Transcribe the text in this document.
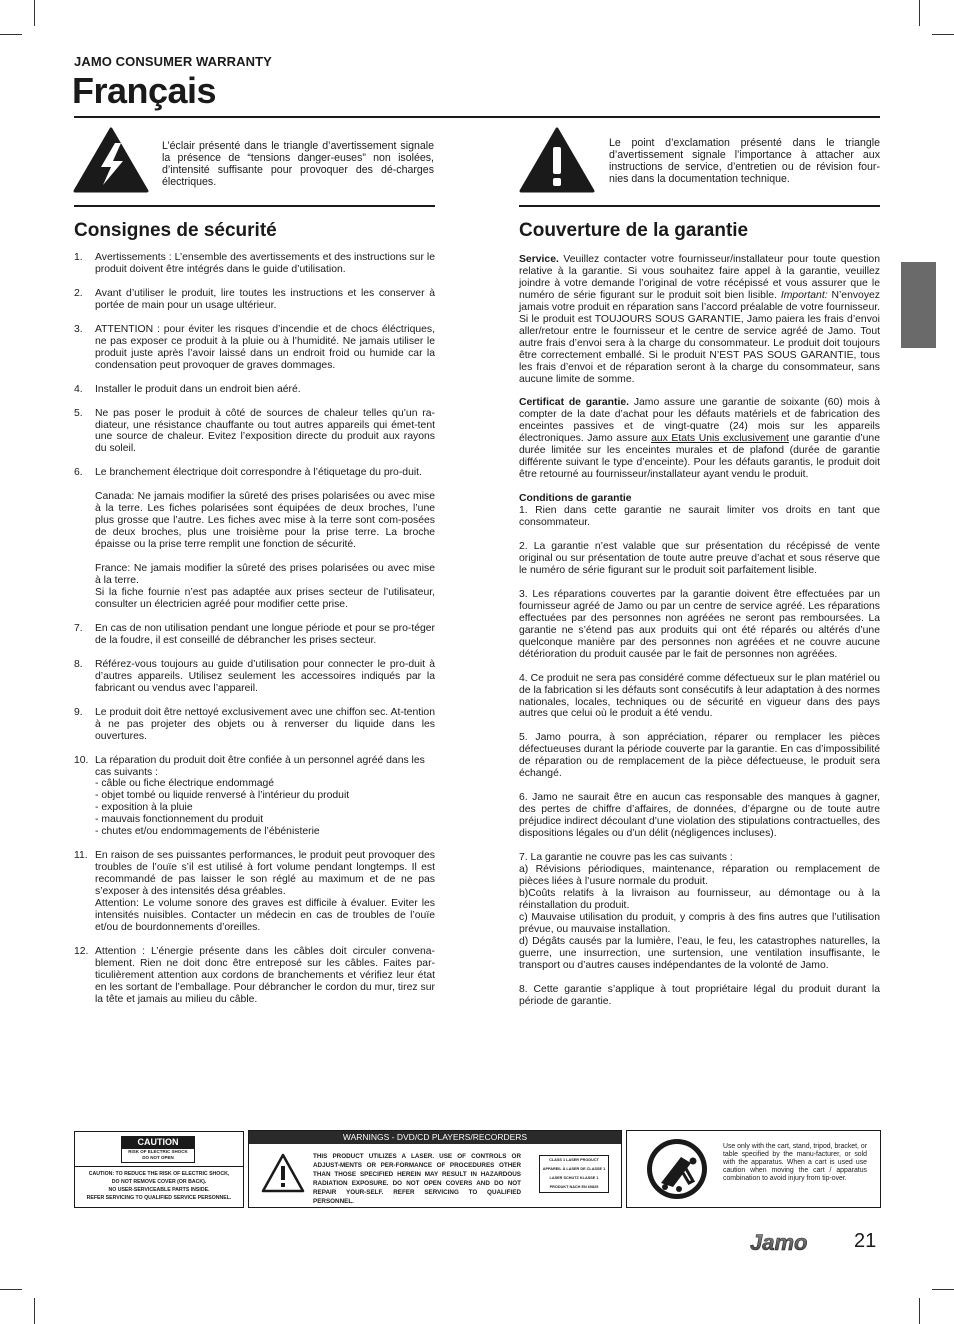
JAMO CONSUMER WARRANTY
Français
L’éclair présenté dans le triangle d’avertissement signale la présence de “tensions danger-euses” non isolées, d’intensité suffisante pour provoquer des dé-charges électriques.
Le point d’exclamation présenté dans le triangle d’avertissement signale l’importance à attacher aux instructions de service, d’entretien ou de révision four-nies dans la documentation technique.
Consignes de sécurité	Couverture de la garantie
1.	Avertissements : L’ensemble des avertissements et des instructions sur le produit doivent être intégrés dans le guide d’utilisation.

2.	Avant d’utiliser le produit, lire toutes les instructions et les conserver à portée de main pour un usage ultérieur.

3.	ATTENTION : pour éviter les risques d’incendie et de chocs éléctriques, ne pas exposer ce produit à la pluie ou à l’humidité. Ne jamais utiliser le produit juste après l’avoir laissé dans un endroit froid ou humide car la condensation peut provoquer de graves dommages.

4.	Installer le produit dans un endroit bien aéré.

5.	Ne pas poser le produit à côté de sources de chaleur telles qu’un ra-diateur, une résistance chauffante ou tout autres appareils qui émet-tent une source de chaleur. Evitez l’exposition directe du produit aux rayons du soleil.

6.	Le branchement électrique doit correspondre à l’étiquetage du pro-duit.

Canada: Ne jamais modifier la sûreté des prises polarisées ou avec mise à la terre. Les fiches polarisées sont équipées de deux broches, l’une plus grosse que l’autre. Les fiches avec mise à la terre sont com-posées de deux broches, plus une troisième pour la prise terre. La broche épaisse ou la prise terre remplit une fonction de sécurité.

France: Ne jamais modifier la sûreté des prises polarisées ou avec mise à la terre.
Si la fiche fournie n’est pas adaptée aux prises secteur de l’utilisateur, consulter un électricien agréé pour modifier cette prise.

7.	En cas de non utilisation pendant une longue période et pour se pro-téger de la foudre, il est conseillé de débrancher les prises secteur.

8.	Référez-vous toujours au guide d’utilisation pour connecter le pro-duit à d’autres appareils. Utilisez seulement les accessoires indiqués par la fabricant ou vendus avec l’appareil.

9.	Le produit doit être nettoyé exclusivement avec une chiffon sec. At-tention à ne pas projeter des objets ou à renverser du liquide dans les ouvertures.

10. La réparation du produit doit être confiée à un personnel agréé dans les cas suivants :
- câble ou fiche électrique endommagé
- objet tombé ou liquide renversé à l’intérieur du produit
- exposition à la pluie
- mauvais fonctionnement du produit
- chutes et/ou endommagements de l’ébénisterie

11. En raison de ses puissantes performances, le produit peut provoquer des troubles de l’ouïe s’il est utilisé à fort volume pendant longtemps. Il est recommandé de pas laisser le son réglé au maximum et de ne pas s’exposer à des intensités désa gréables.
Attention: Le volume sonore des graves est difficile à évaluer. Eviter les intensités nuisibles. Contacter un médecin en cas de troubles de l’ouïe et/ou de bourdonnements d’oreilles.

12. Attention : L’énergie présente dans les câbles doit circuler convena-blement. Rien ne doit donc être entreposé sur les câbles. Faites par-ticulièrement attention aux cordons de branchements et vérifiez leur état en les sortant de l’emballage. Pour débrancher le cordon du mur, tirez sur la tête et jamais au milieu du câble.

Service. Veuillez contacter votre fournisseur/installateur pour toute question relative à la garantie. Si vous souhaitez faire appel à la garantie, veuillez joindre à votre demande l’original de votre récépissé et vous assurer que le numéro de série figurant sur le produit soit bien lisible. Important: N’envoyez jamais votre produit en réparation sans l’accord préalable de votre fournisseur. Si le produit est TOUJOURS SOUS GARANTIE, Jamo paiera les frais d’envoi aller/retour entre le fournisseur et le centre de service agréé de Jamo. Tout autre frais d’envoi sera à la charge du consommateur. Le produit doit toujours être correctement emballé. Si le produit N’EST PAS SOUS GARANTIE, tous les frais d’envoi et de réparation seront à la charge du consommateur, sans aucune limite de somme.

Certificat de garantie. Jamo assure une garantie de soixante (60) mois à compter de la date d’achat pour les défauts matériels et de fabrication des enceintes passives et de vingt-quatre (24) mois sur les appareils électroniques. Jamo assure aux Etats Unis exclusivement une garantie d’une durée limitée sur les enceintes murales et de plafond (durée de garantie différente suivant le type d’enceinte). Pour les défauts garantis, le produit doit être retourné au fournisseur/installateur ayant vendu le produit.

Conditions de garantie

1. Rien dans cette garantie ne saurait limiter vos droits en tant que consommateur.

2. La garantie n’est valable que sur présentation du récépissé de vente original ou sur présentation de toute autre preuve d’achat et sous réserve que le numéro de série figurant sur le produit soit parfaitement lisible.

3. Les réparations couvertes par la garantie doivent être effectuées par un fournisseur agréé de Jamo ou par un centre de service agréé. Les réparations effectuées par des personnes non agréées ne seront pas remboursées. La garantie ne s’étend pas aux produits qui ont été réparés ou altérés d’une quelconque manière par des personnes non agréées et ne couvre aucune détérioration du produit causée par le fait de personnes non agréées.

4. Ce produit ne sera pas considéré comme défectueux sur le plan matériel ou de la fabrication si les défauts sont consécutifs à leur adaptation à des normes nationales, locales, techniques ou de sécurité en vigueur dans des pays autres que celui où le produit a été vendu.

5. Jamo pourra, à son appréciation, réparer ou remplacer les pièces défectueuses durant la période couverte par la garantie. En cas d’impossibilité de réparation ou de remplacement de la pièce défectueuse, le produit sera échangé.

6. Jamo ne saurait être en aucun cas responsable des manques à gagner, des pertes de chiffre d’affaires, de données, d’épargne ou de toute autre préjudice indirect découlant d’une violation des stipulations contractuelles, des dispositions légales ou d’un délit (négligences incluses).

7. La garantie ne couvre pas les cas suivants :
a) Révisions périodiques, maintenance, réparation ou remplacement de pièces liées à l’usure normale du produit.
b)Coûts relatifs à la livraison au fournisseur, au démontage ou à la réinstallation du produit.
c) Mauvaise utilisation du produit, y compris à des fins autres que l’utilisation prévue, ou mauvaise installation.
d) Dégâts causés par la lumière, l’eau, le feu, les catastrophes naturelles, la guerre, une insurrection, une surtension, une ventilation insuffisante, le transport ou d’autres causes indépendantes de la volonté de Jamo.

8. Cette garantie s’applique à tout propriétaire légal du produit durant la période de garantie.

CAUTION
RISK OF ELECTRIC SHOCK
DO NOT OPEN
CAUTION: TO REDUCE THE RISK OF ELECTRIC SHOCK,
DO NOT REMOVE COVER (OR BACK).
NO USER-SERVICEABLE PARTS INSIDE.
REFER SERVICING TO QUALIFIED SERVICE PERSONNEL.
WARNINGS - DVD/CD PLAYERS/RECORDERS
THIS PRODUCT UTILIZES A LASER. USE OF CONTROLS OR ADJUST-MENTS OR PER-FORMANCE OF PROCEDURES OTHER THAN THOSE SPECIFIED HEREIN MAY RESULT IN HAZARDOUS RADIATION EXPOSURE. DO NOT OPEN COVERS AND DO NOT REPAIR YOUR-SELF. REFER SERVICING TO QUALIFIED PERSONNEL.
CLASS 1 LASER PRODUCT
APPAREIL À LASER DE CLASSE 1
LASER SCHUTZ KLASSE 1
PRODUKT NACH EN 60825
Use only with the cart, stand, tripod, bracket, or table specified by the manu-facturer, or sold with the apparatus. When a cart is used use caution when moving the cart / apparatus combination to avoid injury from tip-over.
Jamo 21
